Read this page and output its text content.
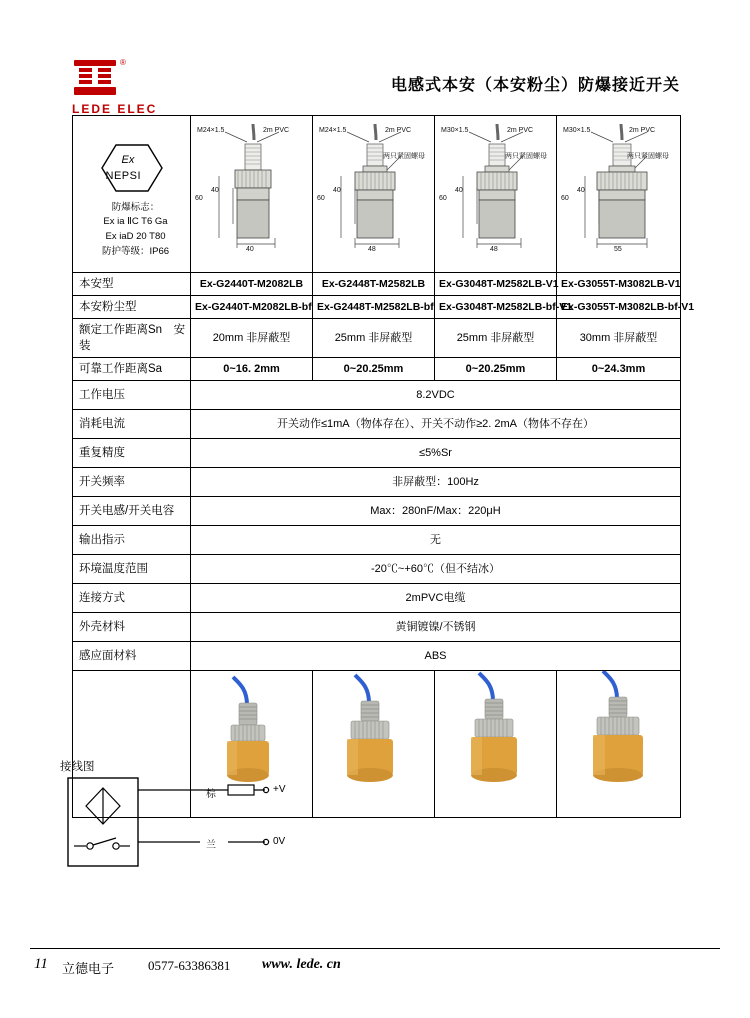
®
LEDE ELEC
电感式本安（本安粉尘）防爆接近开关
Ex
NEPSI
防爆标志：
Ex ia ⅡC T6 Ga
Ex iaD 20 T80
防护等级：IP66

M24×1.5	2m PVC
60
40
40

M24×1.5	2m PVC
两只紧固螺母
60
40
48

M30×1.5	2m PVC
两只紧固螺母
60
40
48

M30×1.5	2m PVC
两只紧固螺母
60
40
55

本安型	Ex-G2440T-M2082LB	Ex-G2448T-M2582LB	Ex-G3048T-M2582LB-V1	Ex-G3055T-M3082LB-V1
本安粉尘型	Ex-G2440T-M2082LB-bf	Ex-G2448T-M2582LB-bf	Ex-G3048T-M2582LB-bf-V1	Ex-G3055T-M3082LB-bf-V1
额定工作距离Sn　安装	20mm 非屏蔽型	25mm 非屏蔽型	25mm 非屏蔽型	30mm 非屏蔽型
可靠工作距离Sa	0~16. 2mm	0~20.25mm	0~20.25mm	0~24.3mm
工作电压	8.2VDC			
消耗电流	开关动作≤1mA（物体存在）、开关不动作≥2. 2mA（物体不存在）			
重复精度	≤5%Sr			
开关频率	非屏蔽型：100Hz			
开关电感/开关电容	Max：280nF/Max：220μH			
输出指示	无			
环境温度范围	-20℃~+60℃（但不结冰）			
连接方式	2mPVC电缆			
外壳材料	黄铜镀镍/不锈钢			
感应面材料	ABS			

接线图
棕
兰
+V
0V
11 立德电子	0577-63386381 www. lede. cn
